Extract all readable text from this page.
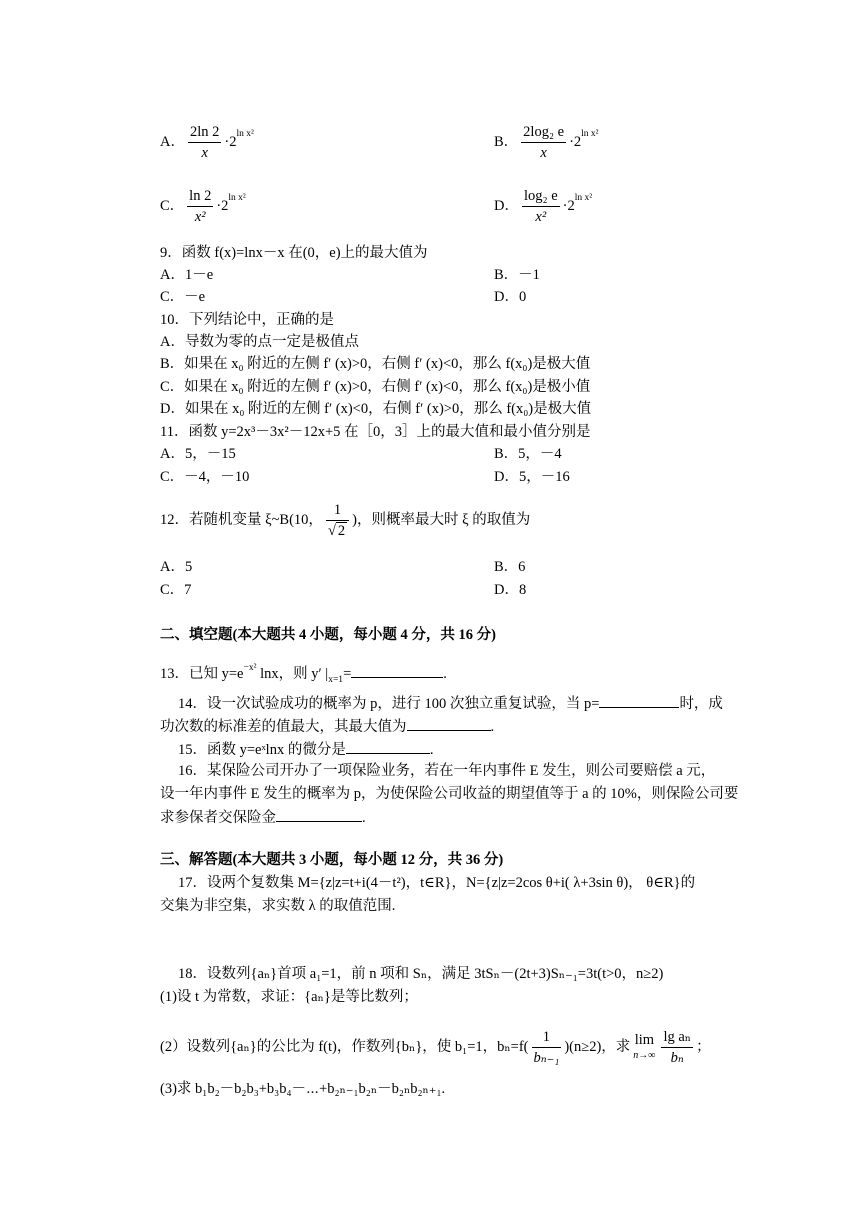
A． $\frac{2\ln 2}{x} \cdot 2^{ln x^2}$	B． $\frac{\text{2log₂ e}}{x} \cdot 2^{ln x^2}$
C． $\frac{\ln 2}{\text{x²}} \cdot 2^{ln x^2}$	D． $\frac{\text{log₂ e}}{\text{x²}} \cdot 2^{ln x^2}$
9．函数 f(x)=lnx－x 在(0，e)上的最大值为
A．1－e	B．－1
C．－e	D．0
10．下列结论中，正确的是
A．导数为零的点一定是极值点
B．如果在 x₀ 附近的左侧 f′ (x)>0，右侧 f′ (x)<0，那么 f(x₀)是极大值
C．如果在 x₀ 附近的左侧 f′ (x)>0，右侧 f′ (x)<0，那么 f(x₀)是极小值
D．如果在 x₀ 附近的左侧 f′ (x)<0，右侧 f′ (x)>0，那么 f(x₀)是极大值
11．函数 y=2x³－3x²－12x+5 在［0，3］上的最大值和最小值分别是
A．5，－15	B．5，－4
C．－4，－10	D．5，－16
12．若随机变量 ξ~B(10， $\frac{1}{√ 2}$ )，则概率最大时 ξ 的取值为
A．5	B．6
C．7	D．8
二、填空题(本大题共 4 小题，每小题 4 分，共 16 分)
13．已知 $y=e^{-x^2}$ lnx，则 y′ $|_{x=1}=$	.
14．设一次试验成功的概率为 p，进行 100 次独立重复试验，当 p=	时，成
功次数的标准差的值最大，其最大值为	.
15．函数 y=eˣlnx 的微分是	.
16．某保险公司开办了一项保险业务，若在一年内事件 E 发生，则公司要赔偿 a 元，
设一年内事件 E 发生的概率为 p，为使保险公司收益的期望值等于 a 的 10%，则保险公司要
求参保者交保险金	.
三、解答题(本大题共 3 小题，每小题 12 分，共 36 分)
17．设两个复数集 M={z|z=t+i(4－t²)，t∈R}，N={z|z=2cos θ+i( λ+3sin θ)， θ∈R}的
交集为非空集，求实数 λ 的取值范围.
18．设数列{aₙ}首项 a₁=1，前 n 项和 Sₙ，满足 3tSₙ－(2t+3)Sₙ₋₁=3t(t>0，n≥2)
(1)设 t 为常数，求证：{aₙ}是等比数列；
(2）设数列{aₙ}的公比为 f(t)，作数列{bₙ}，使 b₁=1，$b_n=f( \frac{1}{\text{bₙ₋₁}} )(n\ge 2)$，求 lim
$n\to\infty \frac{\text{lg aₙ}}{\text{bₙ}}$ ；
(3)求 b₁b₂－b₂b₃+b₃b₄－⋯+b₂ₙ₋₁b₂ₙ－b₂ₙb₂ₙ₊₁.
